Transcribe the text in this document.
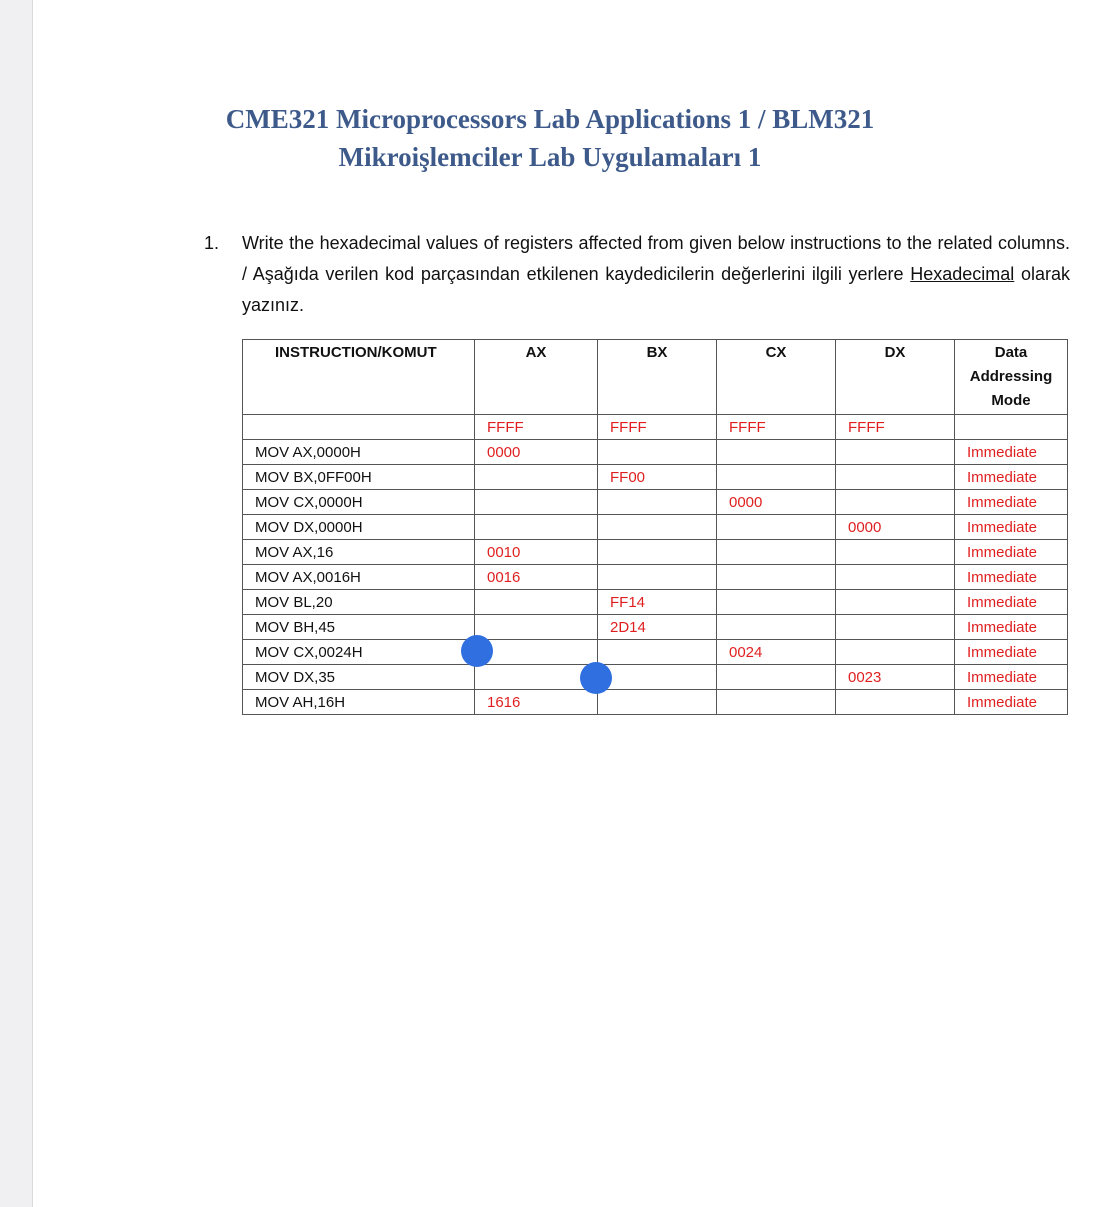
CME321 Microprocessors Lab Applications 1 / BLM321
Mikroişlemciler Lab Uygulamaları 1
1. Write the hexadecimal values of registers affected from given below instructions to the related columns. / Aşağıda verilen kod parçasından etkilenen kaydedicilerin değerlerini ilgili yerlere Hexadecimal olarak yazınız.
INSTRUCTION/KOMUT	AX	BX	CX	DX	Data
Addressing
Mode
	FFFF	FFFF	FFFF	FFFF	
MOV AX,0000H	0000				Immediate
MOV BX,0FF00H		FF00			Immediate
MOV CX,0000H			0000		Immediate
MOV DX,0000H				0000	Immediate
MOV AX,16	0010				Immediate
MOV AX,0016H	0016				Immediate
MOV BL,20		FF14			Immediate
MOV BH,45		2D14			Immediate
MOV CX,0024H			0024		Immediate
MOV DX,35				0023	Immediate
MOV AH,16H	1616				Immediate
